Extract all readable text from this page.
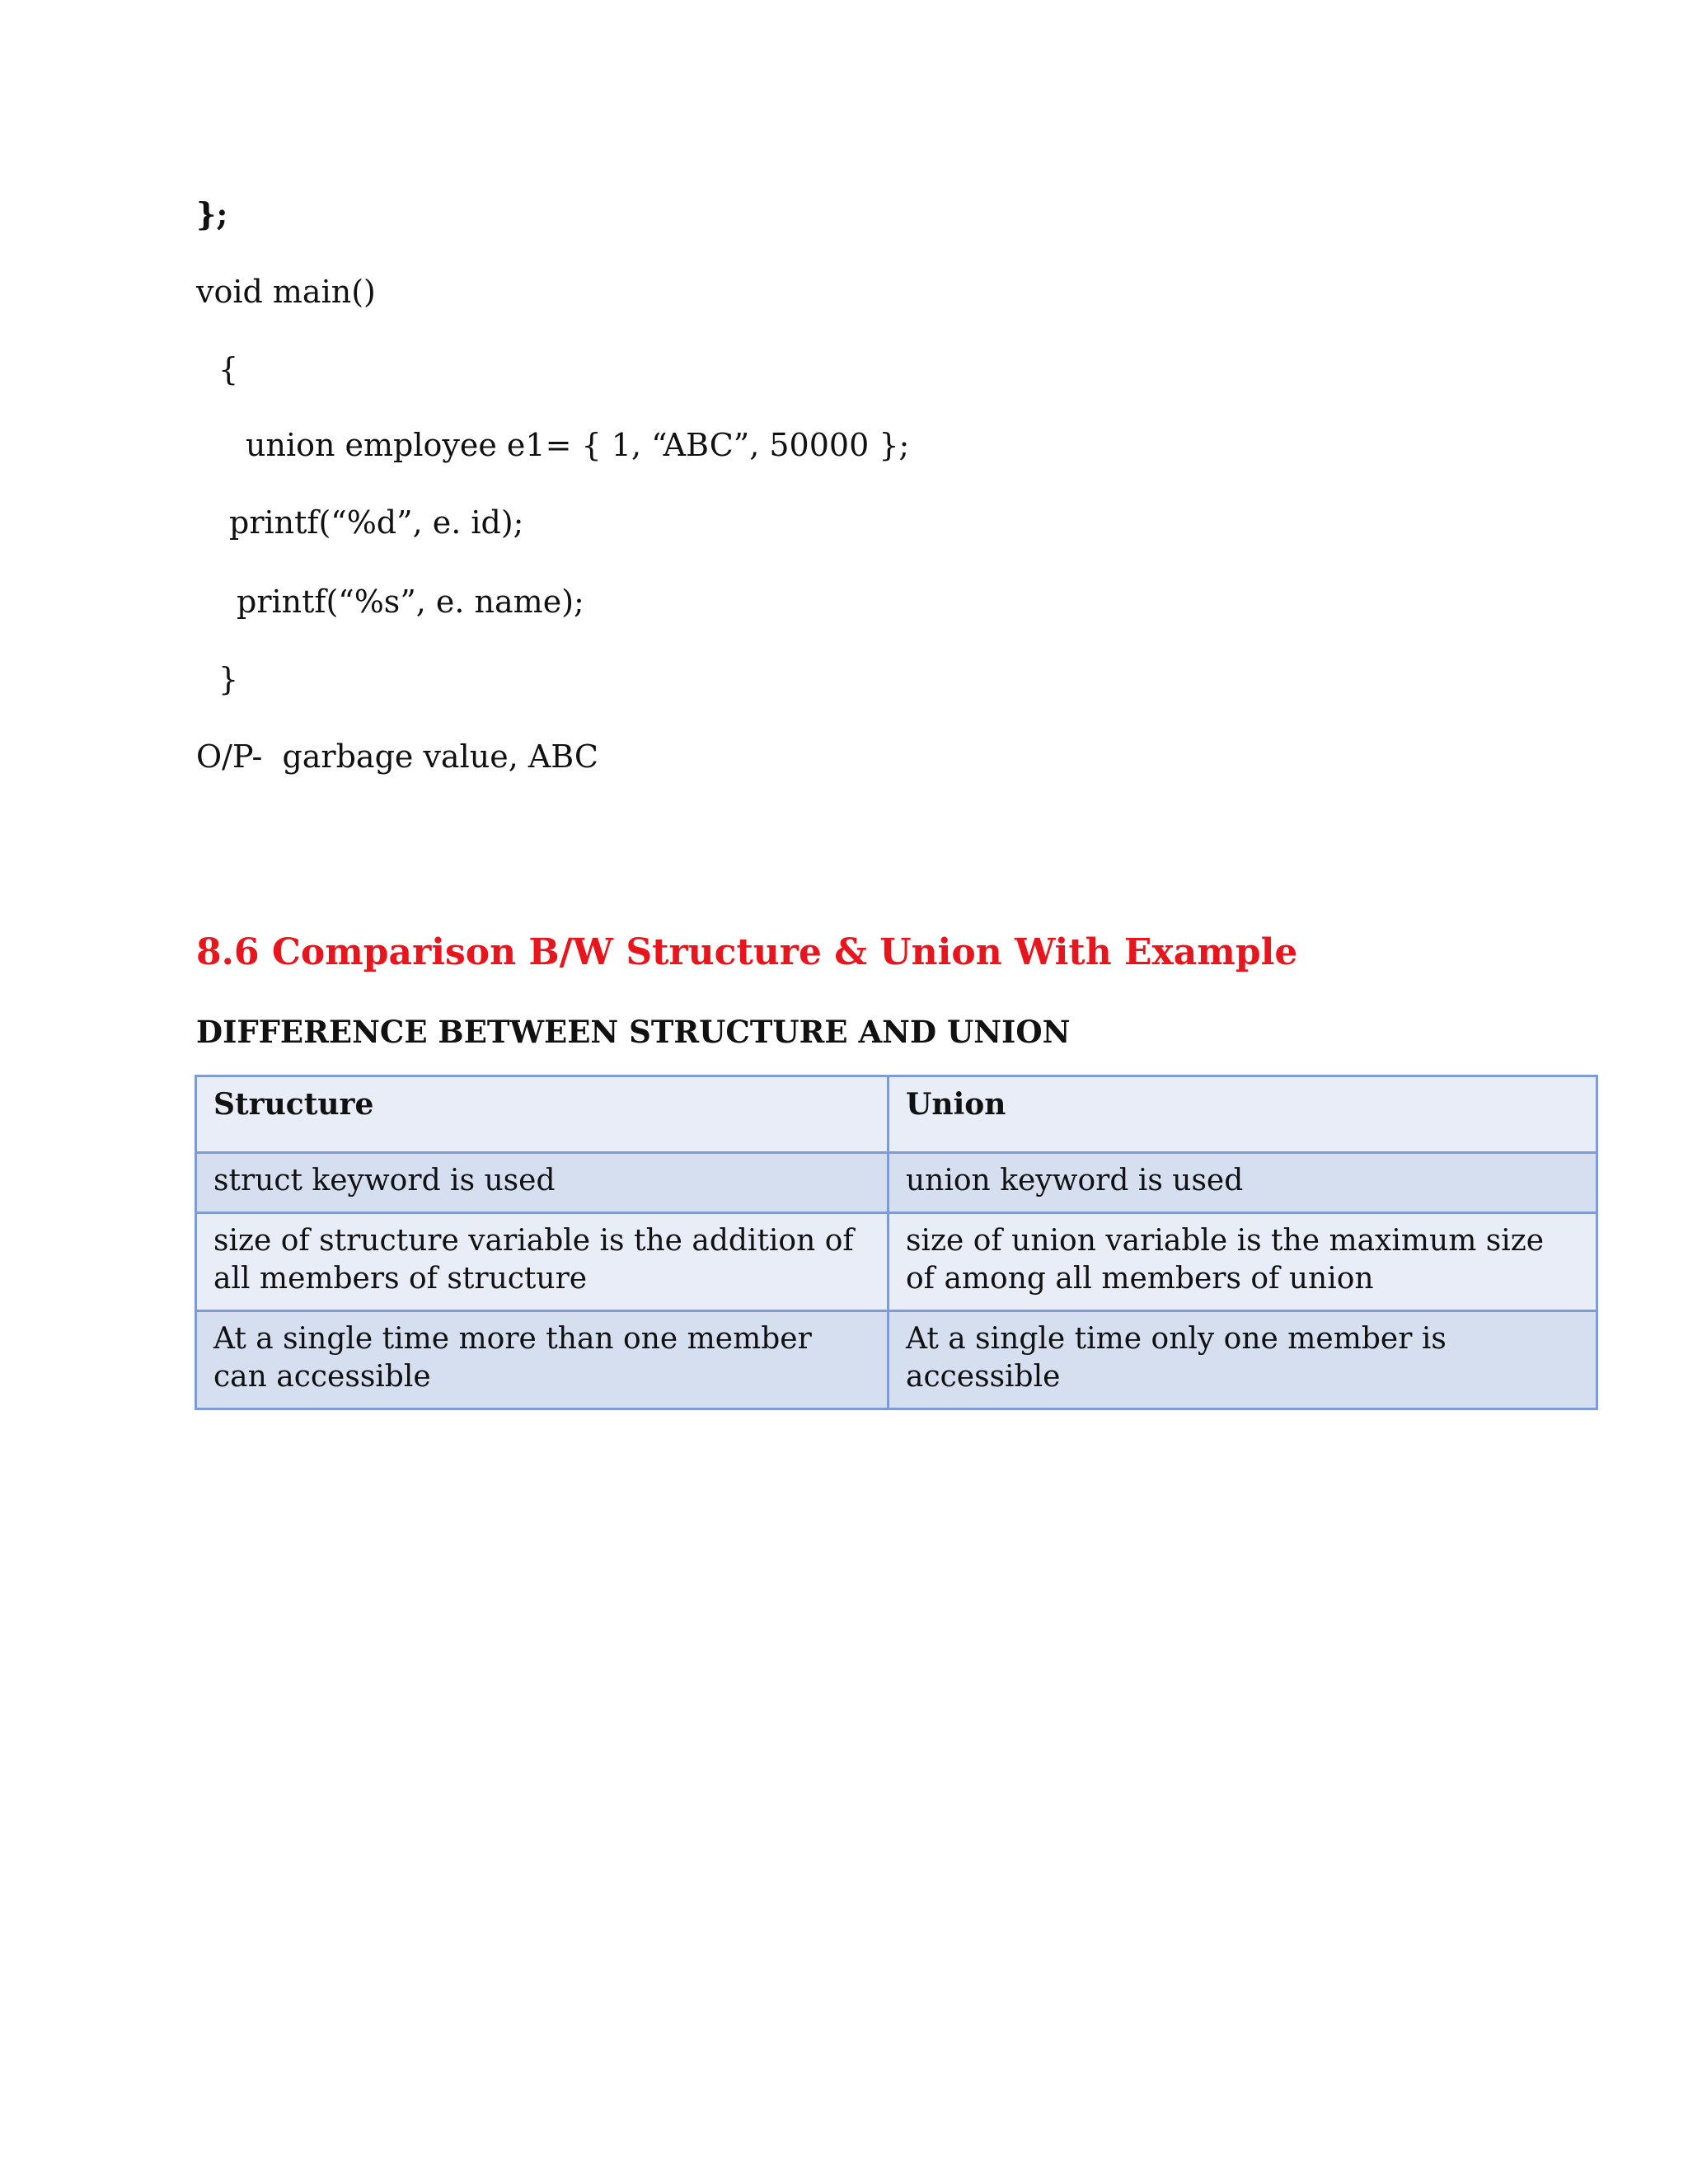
};
void main()
{
union employee e1= { 1, “ABC”, 50000 };
printf(“%d”, e. id);
printf(“%s”, e. name);
}
O/P-  garbage value, ABC
8.6 Comparison B/W Structure & Union With Example
DIFFERENCE BETWEEN STRUCTURE AND UNION
Structure	Union
struct keyword is used	union keyword is used
size of structure variable is the addition of all members of structure	size of union variable is the maximum size of among all members of union
At a single time more than one member can accessible	At a single time only one member is accessible
